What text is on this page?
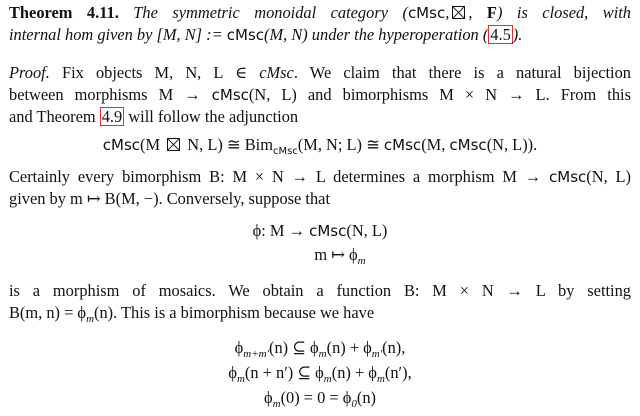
Theorem 4.11. The symmetric monoidal category (cMsc, , F) is closed, with
internal hom given by [M, N] := cMsc(M, N) under the hyperoperation ( 4.5 ).
Proof. Fix objects M, N, L ∈ cMsc. We claim that there is a natural bijection
between morphisms M → cMsc(N, L) and bimorphisms M × N → L. From this
and Theorem 4.9 will follow the adjunction
cMsc(M  N, L) ≅ Bim$_{cMsc}$(M, N; L) ≅ cMsc(M, cMsc(N, L)).
Certainly every bimorphism B: M × N → L determines a morphism M → cMsc(N, L)
given by m ↦ B(M, −). Conversely, suppose that
ϕ: M → cMsc(N, L)
m ↦ $\phi_m$
is a morphism of mosaics. We obtain a function B: M × N → L by setting
B(m, $n) = \phi_m(n)$. This is a bimorphism because we have
$\phi_{m+m'}(n)$ ⊆ $\phi_m(n) + \phi_{m'}(n)$,
$\phi_m(n + n')$ ⊆ $\phi_m(n) + \phi_m(n')$,
$\phi_m(0) = 0 = \phi_0(n)$
